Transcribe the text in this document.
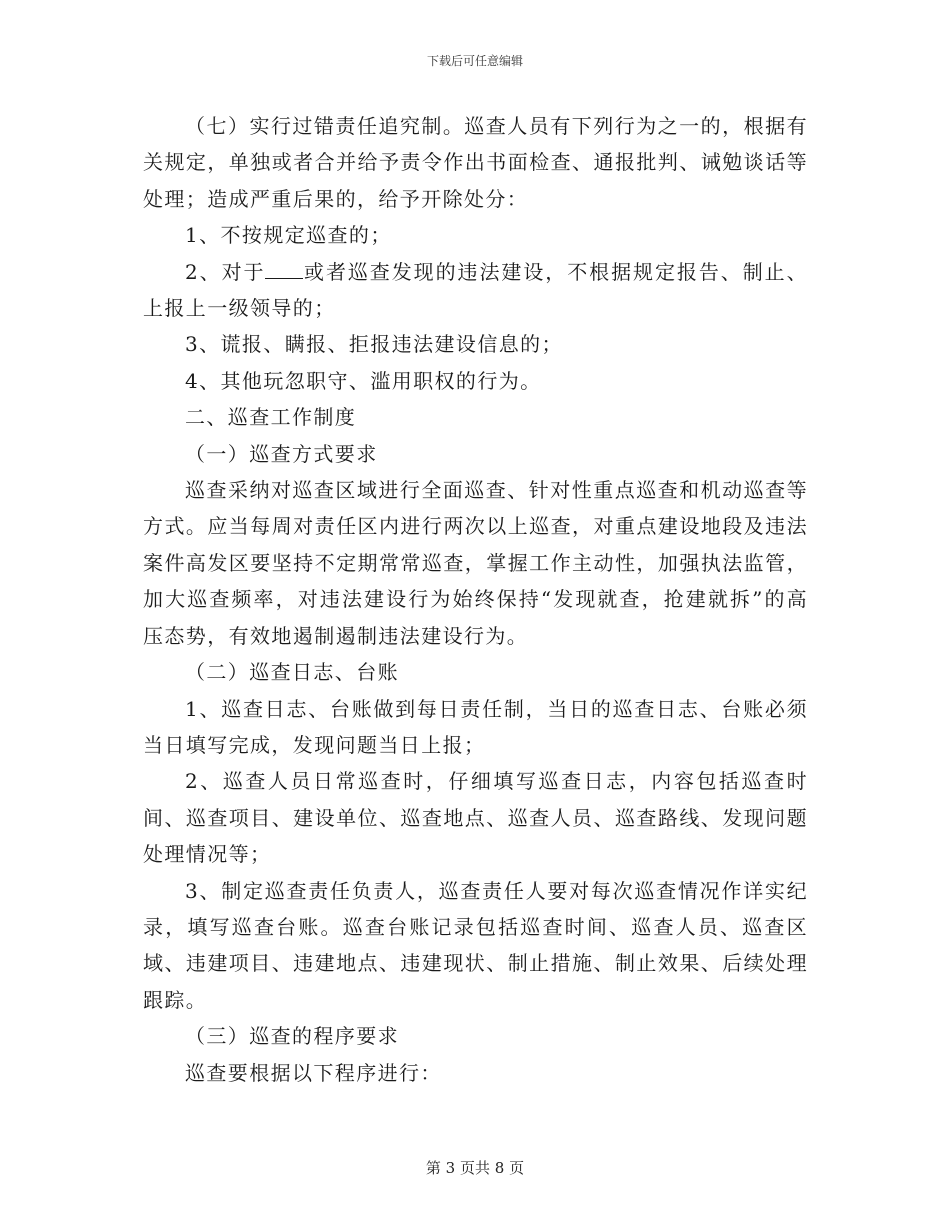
下载后可任意编辑

（七）实行过错责任追究制。巡查人员有下列行为之一的，根据有关规定，单独或者合并给予责令作出书面检查、通报批判、诫勉谈话等处理；造成严重后果的，给予开除处分：

1、不按规定巡查的；

2、对于 或者巡查发现的违法建设，不根据规定报告、制止、上报上一级领导的；

3、谎报、瞒报、拒报违法建设信息的；

4、其他玩忽职守、滥用职权的行为。

二、巡查工作制度

（一）巡查方式要求

巡查采纳对巡查区域进行全面巡查、针对性重点巡查和机动巡查等方式。应当每周对责任区内进行两次以上巡查，对重点建设地段及违法案件高发区要坚持不定期常常巡查，掌握工作主动性，加强执法监管，加大巡查频率，对违法建设行为始终保持“发现就查，抢建就拆”的高压态势，有效地遏制遏制违法建设行为。

（二）巡查日志、台账

1、巡查日志、台账做到每日责任制，当日的巡查日志、台账必须当日填写完成，发现问题当日上报；

2、巡查人员日常巡查时，仔细填写巡查日志，内容包括巡查时间、巡查项目、建设单位、巡查地点、巡查人员、巡查路线、发现问题处理情况等；

3、制定巡查责任负责人，巡查责任人要对每次巡查情况作详实纪录，填写巡查台账。巡查台账记录包括巡查时间、巡查人员、巡查区域、违建项目、违建地点、违建现状、制止措施、制止效果、后续处理跟踪。

（三）巡查的程序要求

巡查要根据以下程序进行：

第 3 页共 8 页
